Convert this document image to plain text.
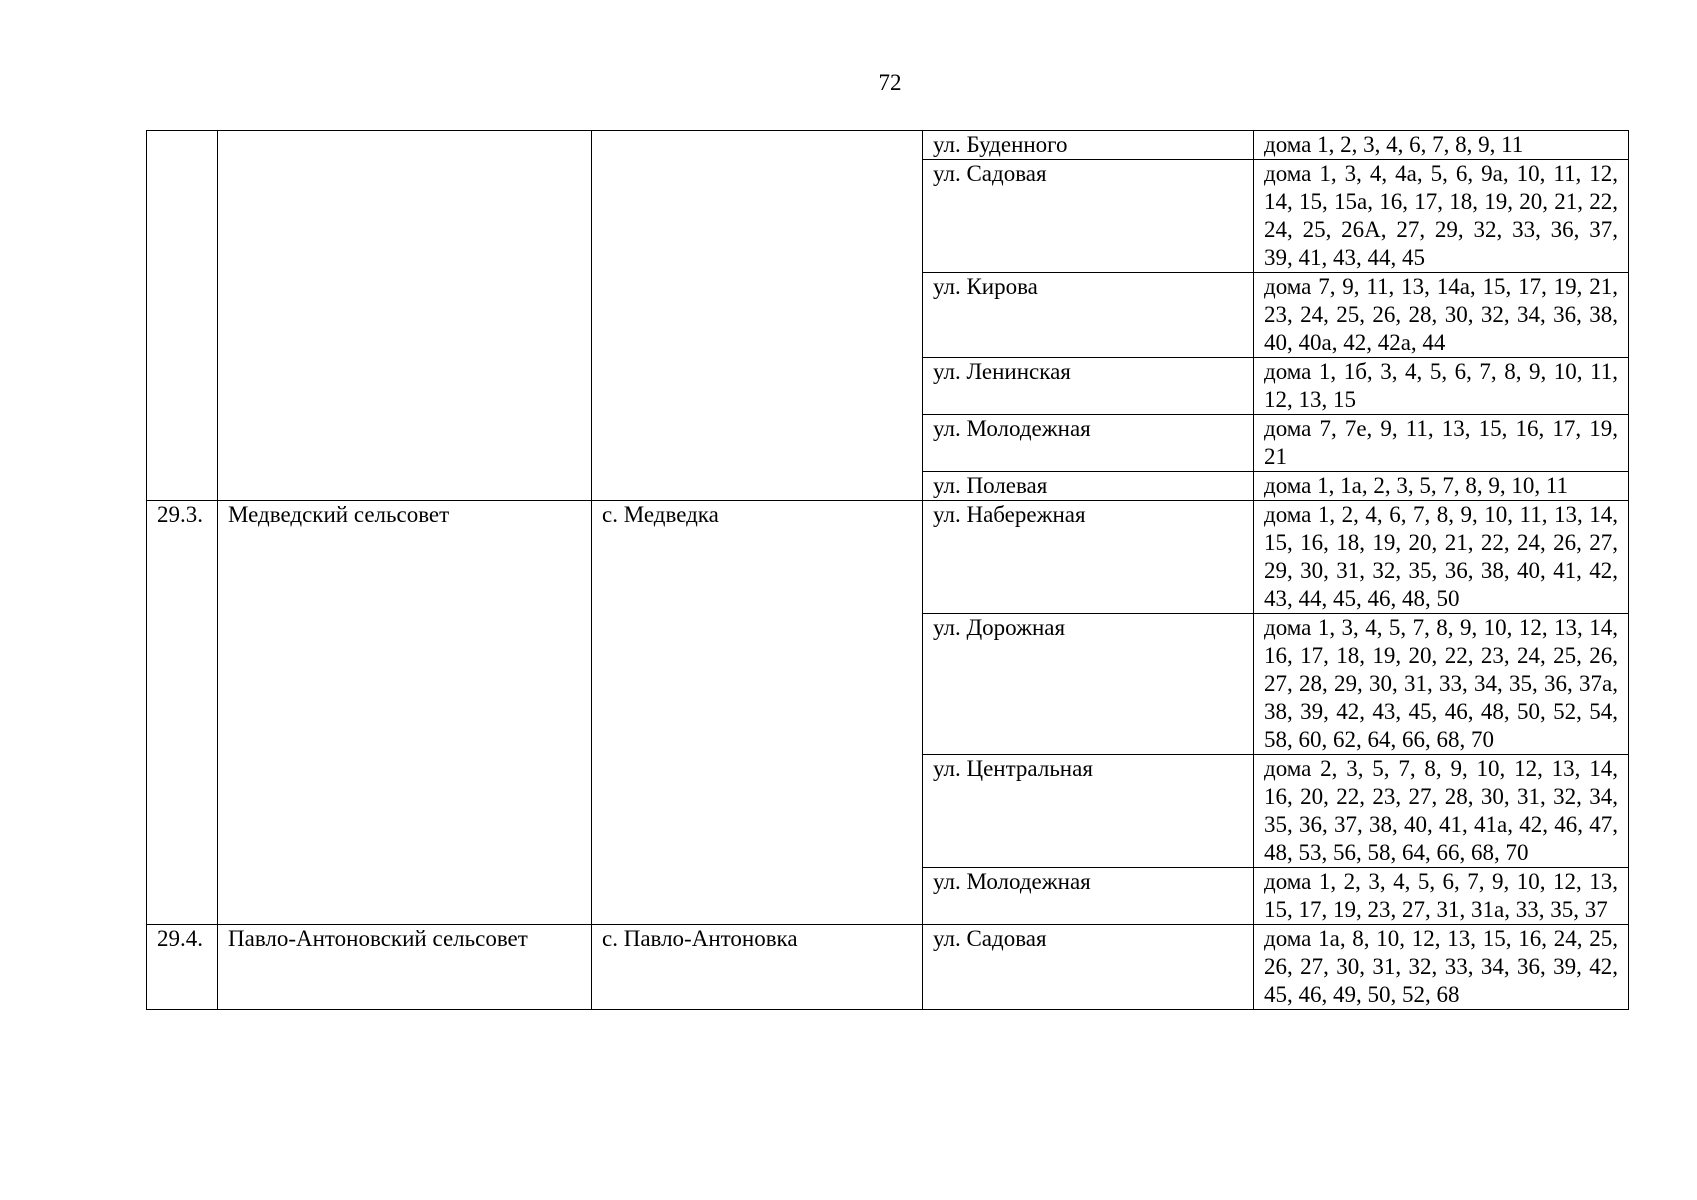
72
			ул. Буденного	дома 1, 2, 3, 4, 6, 7, 8, 9, 11
			ул. Садовая	дома 1, 3, 4, 4а, 5, 6, 9а, 10, 11, 12, 14, 15, 15а, 16, 17, 18, 19, 20, 21, 22, 24, 25, 26А, 27, 29, 32, 33, 36, 37, 39, 41, 43, 44, 45
			ул. Кирова	дома 7, 9, 11, 13, 14а, 15, 17, 19, 21, 23, 24, 25, 26, 28, 30, 32, 34, 36, 38, 40, 40а, 42, 42а, 44
			ул. Ленинская	дома 1, 1б, 3, 4, 5, 6, 7, 8, 9, 10, 11, 12, 13, 15
			ул. Молодежная	дома 7, 7е, 9, 11, 13, 15, 16, 17, 19, 21
			ул. Полевая	дома 1, 1а, 2, 3, 5, 7, 8, 9, 10, 11
29.3.	Медведский сельсовет	с. Медведка	ул. Набережная	дома 1, 2, 4, 6, 7, 8, 9, 10, 11, 13, 14, 15, 16, 18, 19, 20, 21, 22, 24, 26, 27, 29, 30, 31, 32, 35, 36, 38, 40, 41, 42, 43, 44, 45, 46, 48, 50
			ул. Дорожная	дома 1, 3, 4, 5, 7, 8, 9, 10, 12, 13, 14, 16, 17, 18, 19, 20, 22, 23, 24, 25, 26, 27, 28, 29, 30, 31, 33, 34, 35, 36, 37а, 38, 39, 42, 43, 45, 46, 48, 50, 52, 54, 58, 60, 62, 64, 66, 68, 70
			ул. Центральная	дома 2, 3, 5, 7, 8, 9, 10, 12, 13, 14, 16, 20, 22, 23, 27, 28, 30, 31, 32, 34, 35, 36, 37, 38, 40, 41, 41а, 42, 46, 47, 48, 53, 56, 58, 64, 66, 68, 70
			ул. Молодежная	дома 1, 2, 3, 4, 5, 6, 7, 9, 10, 12, 13, 15, 17, 19, 23, 27, 31, 31а, 33, 35, 37
29.4.	Павло-Антоновский сельсовет	с. Павло-Антоновка	ул. Садовая	дома 1а, 8, 10, 12, 13, 15, 16, 24, 25, 26, 27, 30, 31, 32, 33, 34, 36, 39, 42, 45, 46, 49, 50, 52, 68
